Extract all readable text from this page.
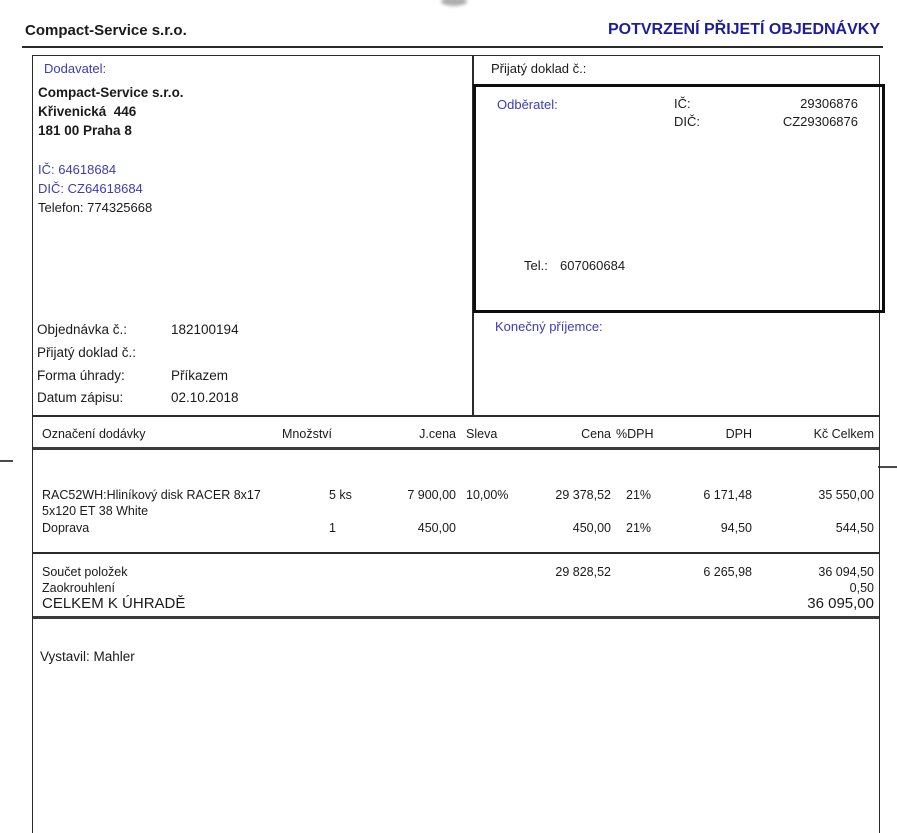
Compact-Service s.r.o.	POTVRZENÍ PŘIJETÍ OBJEDNÁVKY
Dodavatel:
Compact-Service s.r.o.
Křivenická  446
181 00 Praha 8
IČ: 64618684
DIČ: CZ64618684
Telefon: 774325668
Objednávka č.:	182100194
Přijatý doklad č.:
Forma úhrady:	Příkazem
Datum zápisu:	02.10.2018
Přijatý doklad č.:
Odběratel:	IČ:	29306876
DIČ:	CZ29306876
Tel.: 607060684
Konečný příjemce:
Označení dodávky	Množství	J.cena Sleva	Cena %DPH	DPH	Kč Celkem
RAC52WH:Hliníkový disk RACER 8x17	5 ks	7 900,00 10,00%	29 378,52 21%	6 171,48	35 550,00
5x120 ET 38 White
Doprava	1	450,00	450,00 21%	94,50	544,50
Součet položek	29 828,52	6 265,98	36 094,50
Zaokrouhlení	0,50
CELKEM K ÚHRADĚ	36 095,00
Vystavil: Mahler
